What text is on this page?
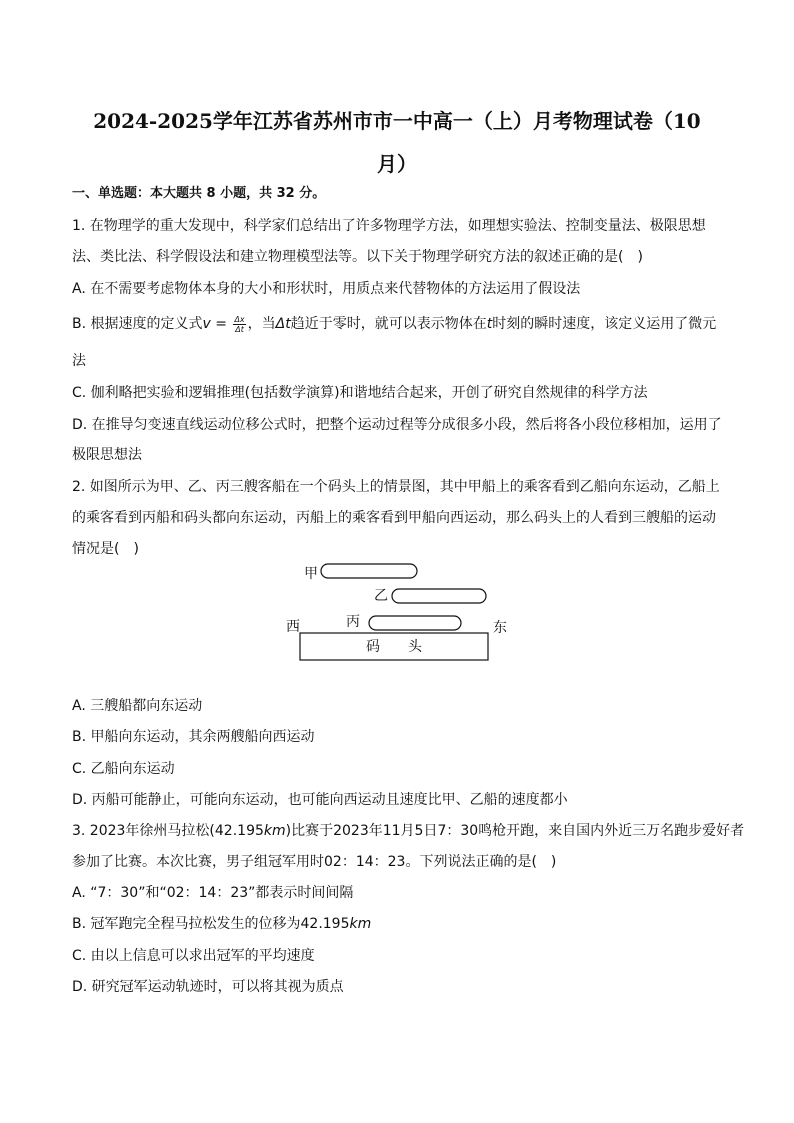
2024-2025学年江苏省苏州市市一中高一（上）月考物理试卷（10
月）
一、单选题：本大题共 8 小题，共 32 分。
1. 在物理学的重大发现中，科学家们总结出了许多物理学方法，如理想实验法、控制变量法、极限思想
法、类比法、科学假设法和建立物理模型法等。以下关于物理学研究方法的叙述正确的是(　)
A. 在不需要考虑物体本身的大小和形状时，用质点来代替物体的方法运用了假设法
B. 根据速度的定义式$v = \frac{\Delta x}{\Delta t}$ ，当Δt趋近于零时，就可以表示物体在t时刻的瞬时速度，该定义运用了微元
法
C. 伽利略把实验和逻辑推理(包括数学演算)和谐地结合起来，开创了研究自然规律的科学方法
D. 在推导匀变速直线运动位移公式时，把整个运动过程等分成很多小段，然后将各小段位移相加，运用了
极限思想法
2. 如图所示为甲、乙、丙三艘客船在一个码头上的情景图，其中甲船上的乘客看到乙船向东运动，乙船上
的乘客看到丙船和码头都向东运动，丙船上的乘客看到甲船向西运动，那么码头上的人看到三艘船的运动
情况是(　)
甲
乙
西	丙	东
码　　头
A. 三艘船都向东运动
B. 甲船向东运动，其余两艘船向西运动
C. 乙船向东运动
D. 丙船可能静止，可能向东运动，也可能向西运动且速度比甲、乙船的速度都小
3. 2023年徐州马拉松(42.195km)比赛于2023年11月5日7：30鸣枪开跑，来自国内外近三万名跑步爱好者
参加了比赛。本次比赛，男子组冠军用时02：14：23。下列说法正确的是(　)
A. “7：30”和“02：14：23”都表示时间间隔
B. 冠军跑完全程马拉松发生的位移为42.195km
C. 由以上信息可以求出冠军的平均速度
D. 研究冠军运动轨迹时，可以将其视为质点
